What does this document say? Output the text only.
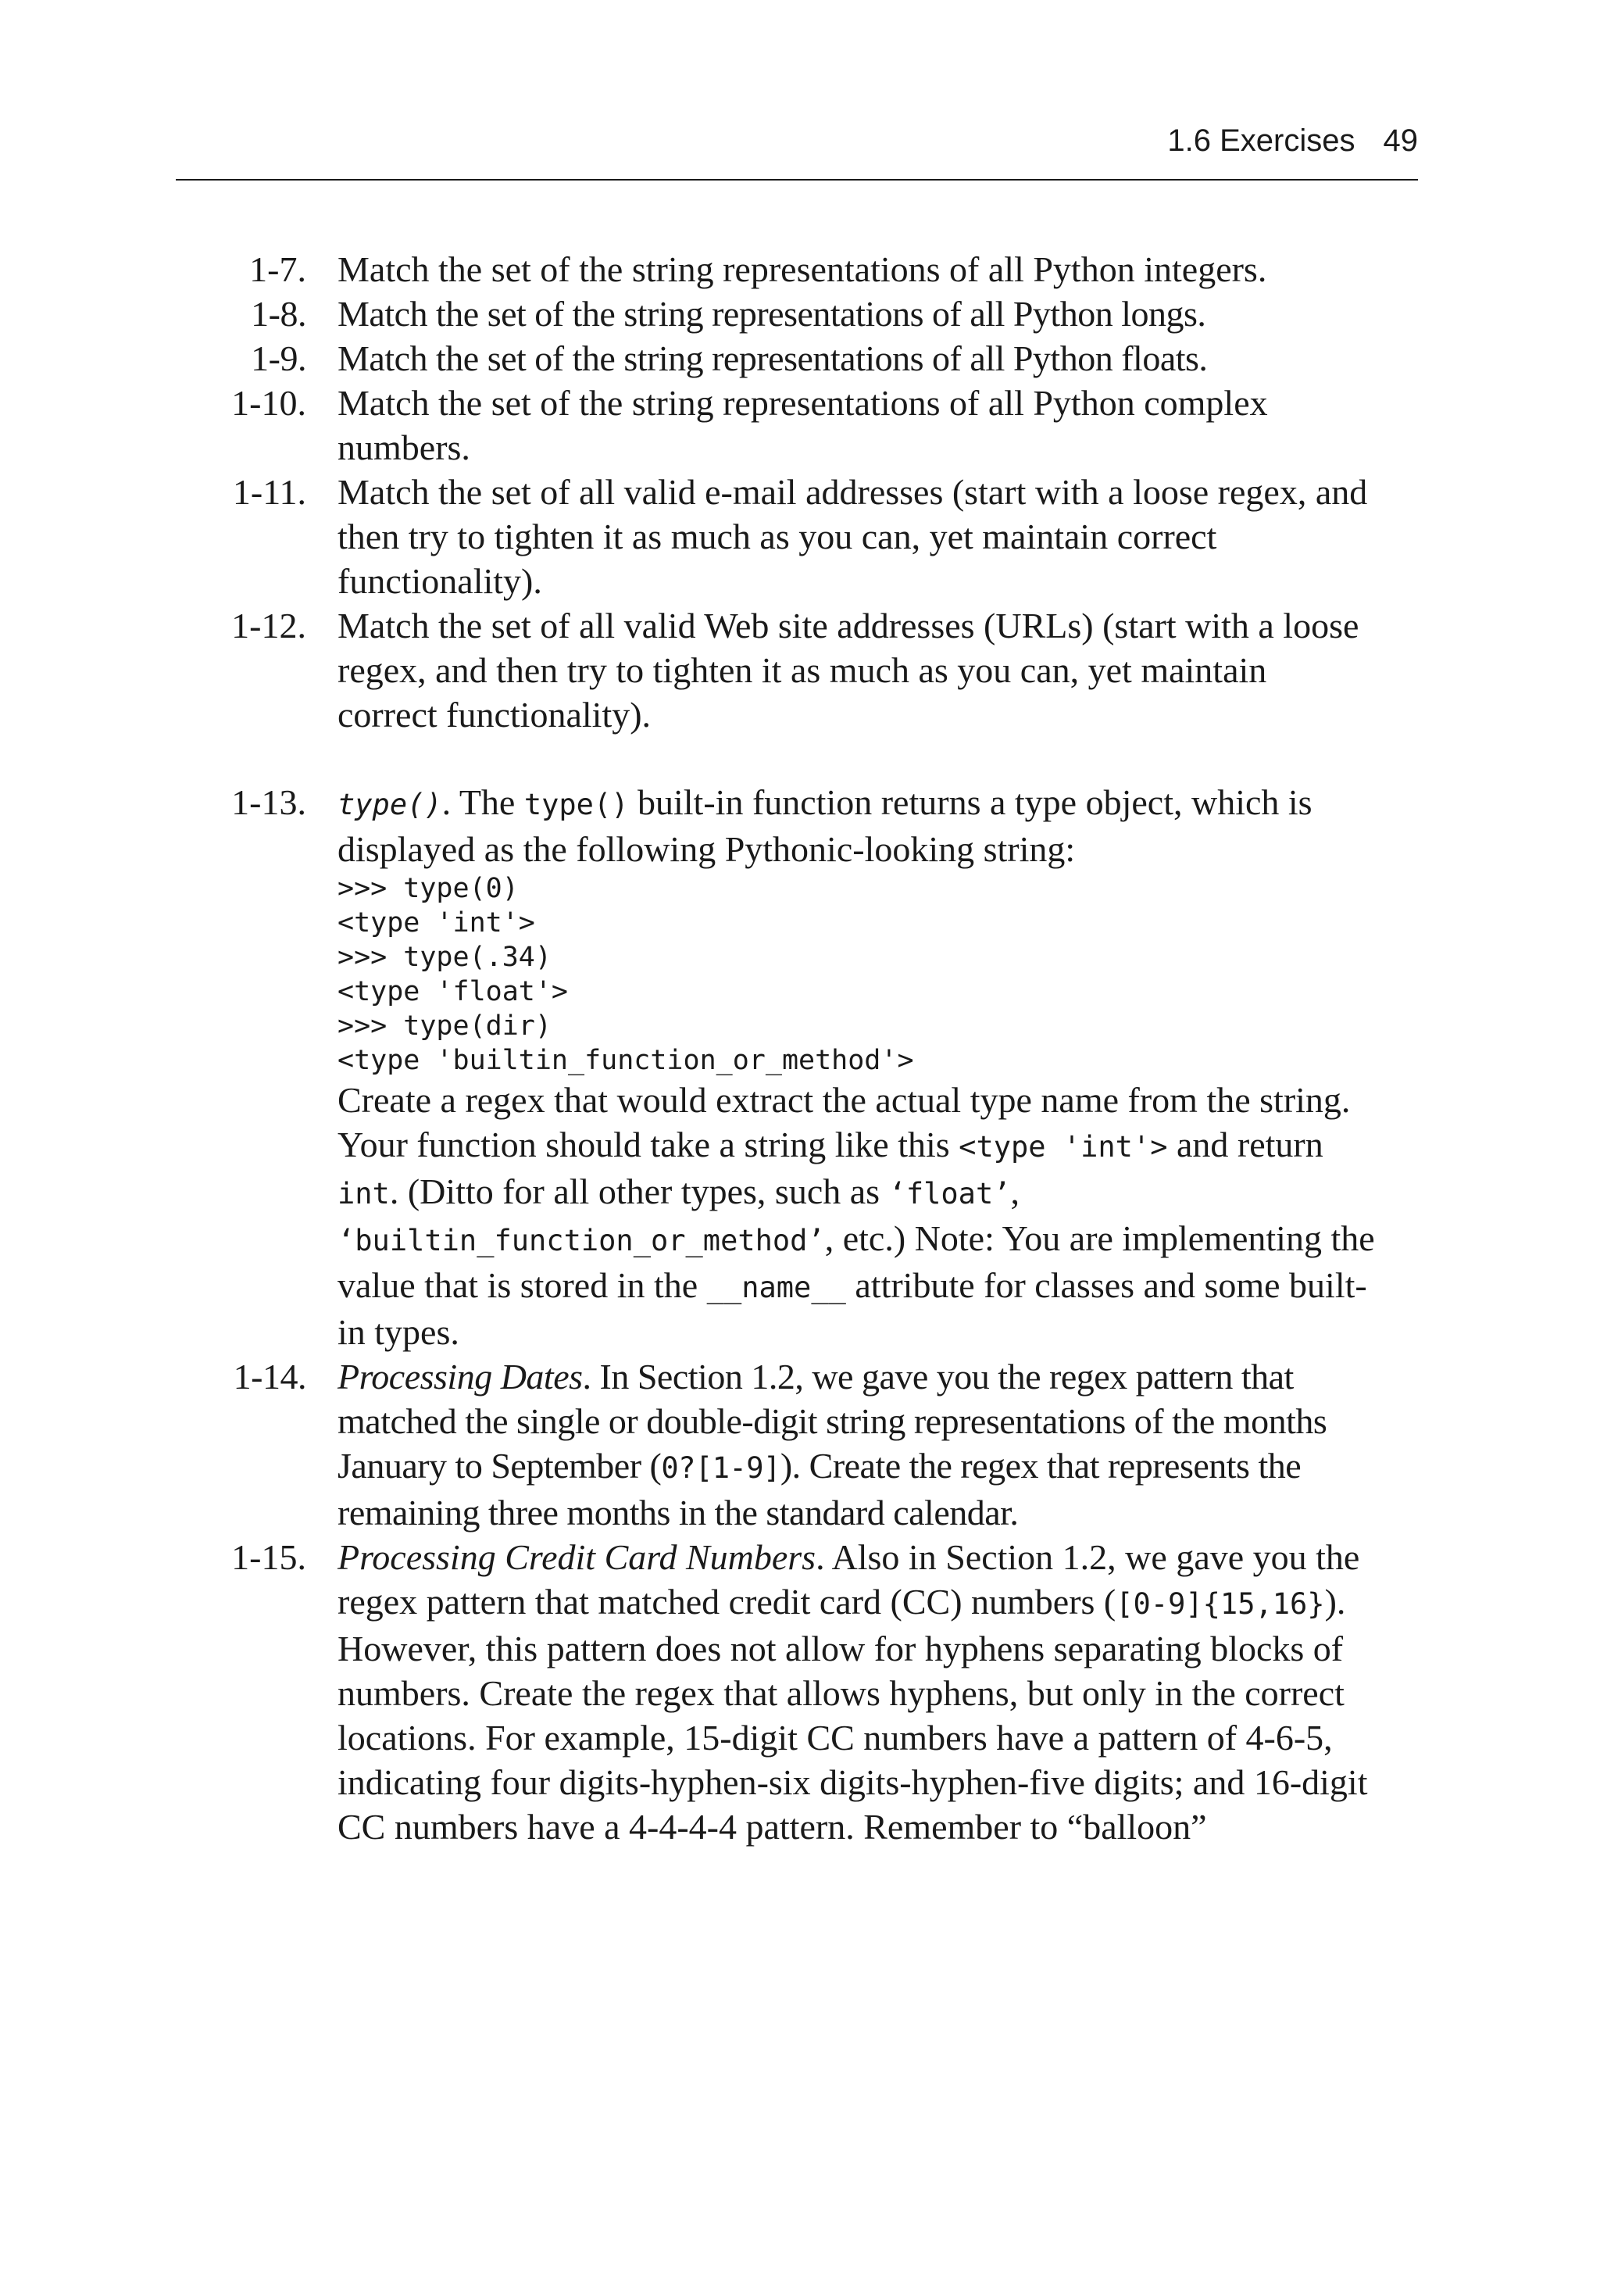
1.6 Exercises 49
1-7. Match the set of the string representations of all Python integers.
1-8. Match the set of the string representations of all Python longs.
1-9. Match the set of the string representations of all Python floats.
1-10. Match the set of the string representations of all Python complex numbers.
1-11. Match the set of all valid e-mail addresses (start with a loose regex, and then try to tighten it as much as you can, yet maintain correct functionality).
1-12. Match the set of all valid Web site addresses (URLs) (start with a loose regex, and then try to tighten it as much as you can, yet maintain correct functionality).
1-13. type(). The type() built-in function returns a type object, which is displayed as the following Pythonic-looking string:
>>> type(0)
<type 'int'>
>>> type(.34)
<type 'float'>
>>> type(dir)
<type 'builtin_function_or_method'>
Create a regex that would extract the actual type name from the string. Your function should take a string like this <type 'int'> and return int. (Ditto for all other types, such as ‘float’, ‘builtin_function_or_method’, etc.) Note: You are implementing the value that is stored in the __name__ attribute for classes and some built-in types.
1-14. Processing Dates. In Section 1.2, we gave you the regex pattern that matched the single or double-digit string representations of the months January to September (0?[1-9]). Create the regex that represents the remaining three months in the standard calendar.
1-15. Processing Credit Card Numbers. Also in Section 1.2, we gave you the regex pattern that matched credit card (CC) numbers ([0-9]{15,16}). However, this pattern does not allow for hyphens separating blocks of numbers. Create the regex that allows hyphens, but only in the correct locations. For example, 15-digit CC numbers have a pattern of 4-6-5, indicating four digits-hyphen-six digits-hyphen-five digits; and 16-digit CC numbers have a 4-4-4-4 pattern. Remember to “balloon”
